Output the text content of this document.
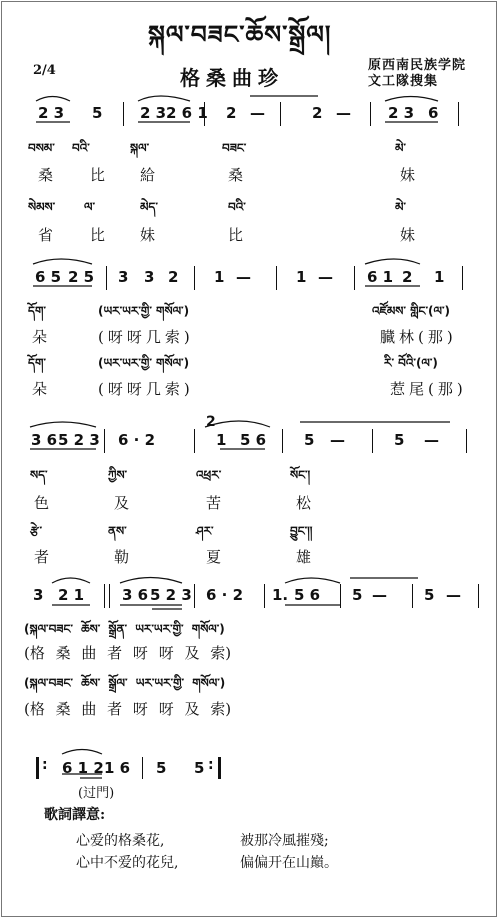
སྐལ་བཟང་ཆོས་སྒྲོལ།
2/4	格桑曲珍
原西南民族学院
文工隊搜集
2 3 5	2 3 2 6 1 2 —	2 — 2 3 6
བསམ་ བའི་	སྐལ་	བཟང་	མེ་
桑 比 給	桑	妹
སེམས་ ལ་	མེད་	བའི་	མེ་
省 比 妹	比	妹
6 5 2 5 3 3 2 1 —	1 — 6 1 2 1
དོག་	(ཡར་ཡར་གྱི་ གསོལ་)	འཛོམས་ གླིང་(ལ་)
朵	(呀呀几索)	臓林(那)
དོག་	(ཡར་ཡར་གྱི་ གསོལ་)	རི་ བོའི་(ལ་)
朵	(呀呀几索)	惹尾(那)
3 6 5 2 3 6 · 2
2
1 5 6	5 —	5 —
སད་	ཀྱིས་	འཕྲར་	སོང་།
色	及	苦	松
རྩེ་	ནས་	ཤར་	བྱུང་།།
者	勒	夏	雄
3 2 1	3 6 5 2 3 6 · 2 1. 5 6 5 — 5 —
(སྐལ་བཟང་ ཆོས་ སྒྲོན་ ཡར་ཡར་གྱི་ གསོལ་)
(格 桑 曲 者 呀 呀 及 索)
(སྐལ་བཟང་ ཆོས་ སྒྲོལ་ ཡར་ཡར་གྱི་ གསོལ་)
(格 桑 曲 者 呀 呀 及 索)
: 6 1 2 1 6 5 5 :
(过門)
歌詞譯意:
心爱的格桑花,	被那冷風摧殘;
心中不爱的花兒,	偏偏开在山巔。
